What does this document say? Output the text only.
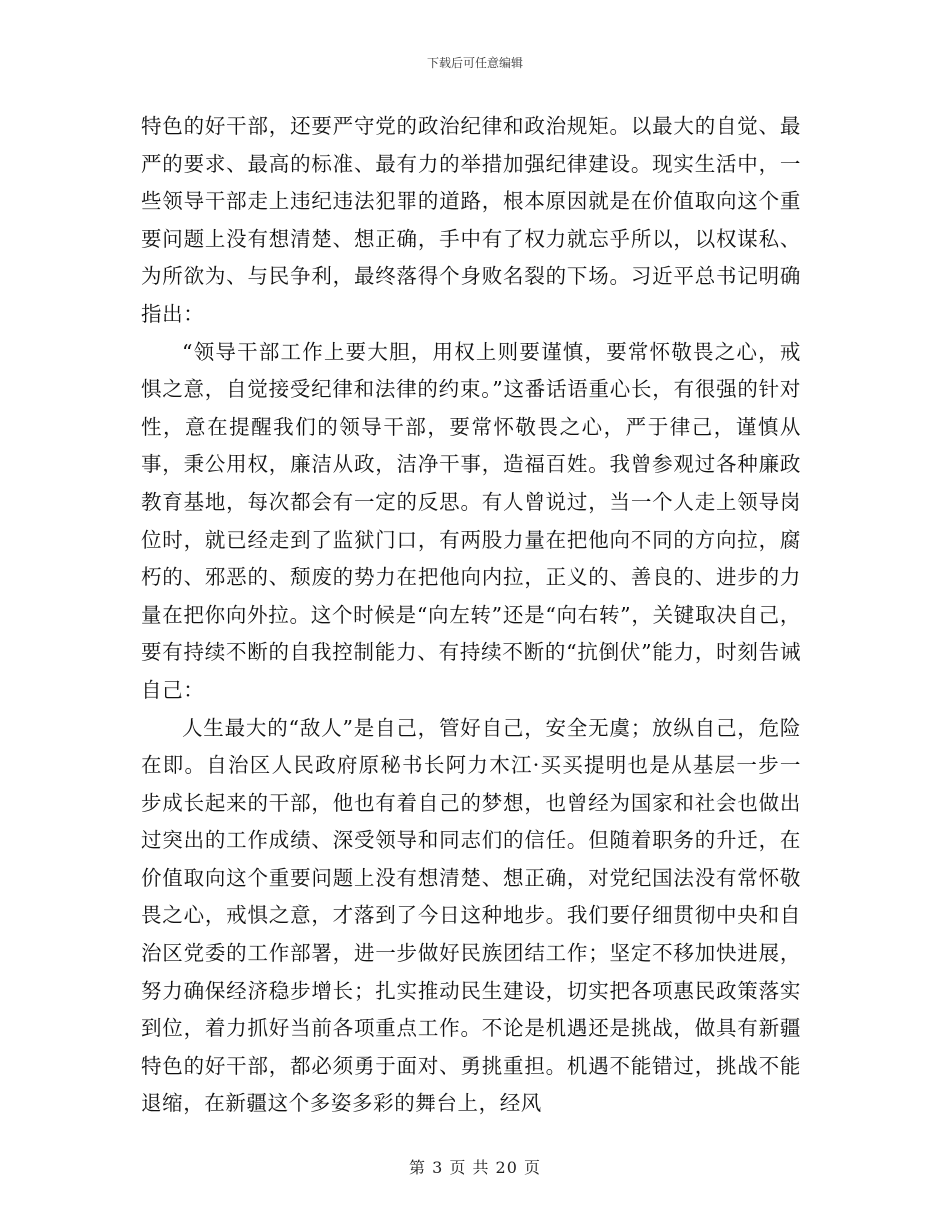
下载后可任意编辑

特色的好干部，还要严守党的政治纪律和政治规矩。以最大的自觉、最严的要求、最高的标准、最有力的举措加强纪律建设。现实生活中，一些领导干部走上违纪违法犯罪的道路，根本原因就是在价值取向这个重要问题上没有想清楚、想正确，手中有了权力就忘乎所以，以权谋私、为所欲为、与民争利，最终落得个身败名裂的下场。习近平总书记明确指出：

“领导干部工作上要大胆，用权上则要谨慎，要常怀敬畏之心，戒惧之意，自觉接受纪律和法律的约束。”这番话语重心长，有很强的针对性，意在提醒我们的领导干部，要常怀敬畏之心，严于律己，谨慎从事，秉公用权，廉洁从政，洁净干事，造福百姓。我曾参观过各种廉政教育基地，每次都会有一定的反思。有人曾说过，当一个人走上领导岗位时，就已经走到了监狱门口，有两股力量在把他向不同的方向拉，腐朽的、邪恶的、颓废的势力在把他向内拉，正义的、善良的、进步的力量在把你向外拉。这个时候是“向左转”还是“向右转”，关键取决自己，要有持续不断的自我控制能力、有持续不断的“抗倒伏”能力，时刻告诫自己：

人生最大的“敌人”是自己，管好自己，安全无虞；放纵自己，危险在即。自治区人民政府原秘书长阿力木江·买买提明也是从基层一步一步成长起来的干部，他也有着自己的梦想，也曾经为国家和社会也做出过突出的工作成绩、深受领导和同志们的信任。但随着职务的升迁，在价值取向这个重要问题上没有想清楚、想正确，对党纪国法没有常怀敬畏之心，戒惧之意，才落到了今日这种地步。我们要仔细贯彻中央和自治区党委的工作部署，进一步做好民族团结工作；坚定不移加快进展，努力确保经济稳步增长；扎实推动民生建设，切实把各项惠民政策落实到位，着力抓好当前各项重点工作。不论是机遇还是挑战，做具有新疆特色的好干部，都必须勇于面对、勇挑重担。机遇不能错过，挑战不能退缩，在新疆这个多姿多彩的舞台上，经风

第 3 页 共 20 页
